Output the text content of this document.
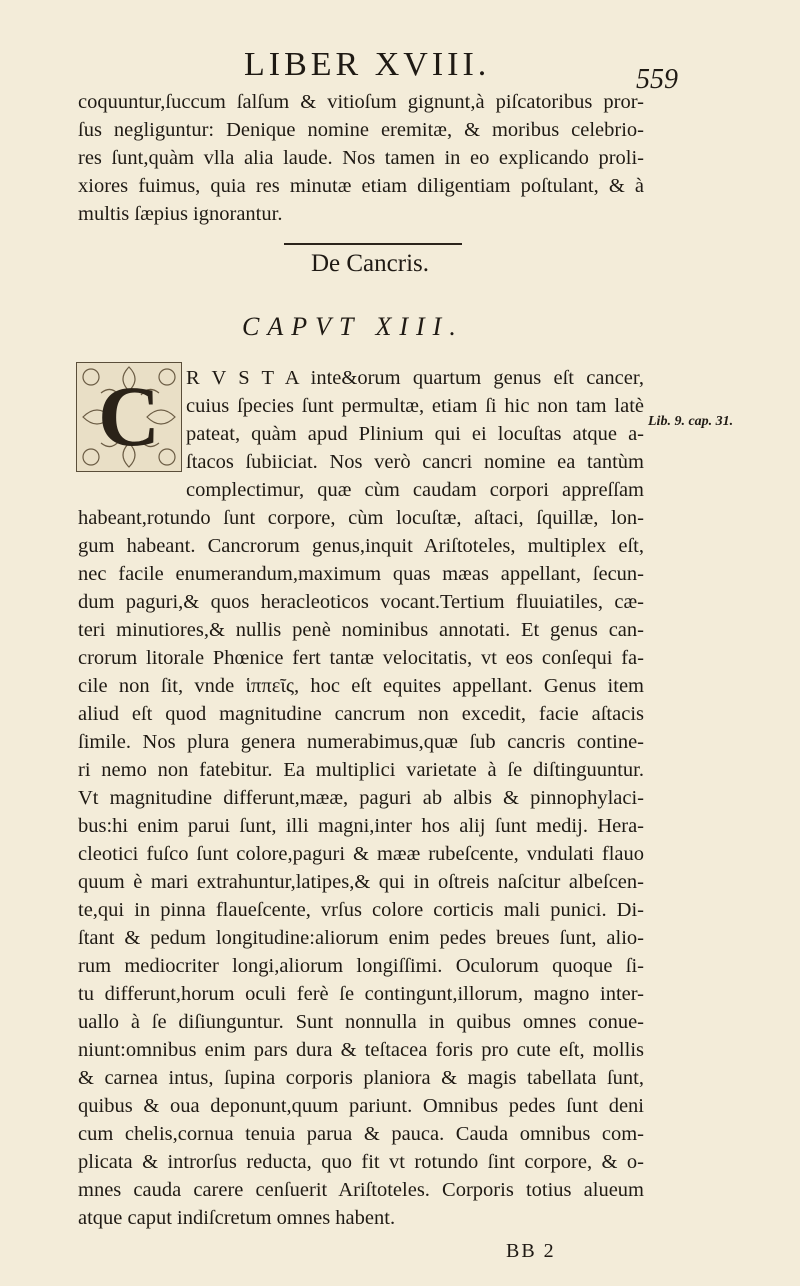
LIBER XVIII.	559
coquuntur,ſuccum ſalſum & vitioſum gignunt,à piſcatoribus pror-
ſus negliguntur: Denique nomine eremitæ, & moribus celebrio-
res ſunt,quàm vlla alia laude. Nos tamen in eo explicando proli-
xiores fuimus, quia res minutæ etiam diligentiam poſtulant, & à
multis ſæpius ignorantur.
De Cancris.
CAPVT XIII.
C	Lib. 9. cap. 31.
R V S T A inte&orum quartum genus eſt cancer,
cuius ſpecies ſunt permultæ, etiam ſi hic non tam latè
pateat, quàm apud Plinium qui ei locuſtas atque a-
ſtacos ſubiiciat. Nos verò cancri nomine ea tantùm
complectimur, quæ cùm caudam corpori appreſſam
habeant,rotundo ſunt corpore, cùm locuſtæ, aſtaci, ſquillæ, lon-
gum habeant. Cancrorum genus,inquit Ariſtoteles, multiplex eſt,
nec facile enumerandum,maximum quas mæas appellant, ſecun-
dum paguri,& quos heracleoticos vocant.Tertium fluuiatiles, cæ-
teri minutiores,& nullis penè nominibus annotati. Et genus can-
crorum litorale Phœnice fert tantæ velocitatis, vt eos conſequi fa-
cile non ſit, vnde ἱππεῖς, hoc eſt equites appellant. Genus item
aliud eſt quod magnitudine cancrum non excedit, facie aſtacis
ſimile. Nos plura genera numerabimus,quæ ſub cancris contine-
ri nemo non fatebitur. Ea multiplici varietate à ſe diſtinguuntur.
Vt magnitudine differunt,mææ, paguri ab albis & pinnophylaci-
bus:hi enim parui ſunt, illi magni,inter hos alij ſunt medij. Hera-
cleotici fuſco ſunt colore,paguri & mææ rubeſcente, vndulati flauo
quum è mari extrahuntur,latipes,& qui in oſtreis naſcitur albeſcen-
te,qui in pinna flaueſcente, vrſus colore corticis mali punici. Di-
ſtant & pedum longitudine:aliorum enim pedes breues ſunt, alio-
rum mediocriter longi,aliorum longiſſimi. Oculorum quoque ſi-
tu differunt,horum oculi ferè ſe contingunt,illorum, magno inter-
uallo à ſe diſiunguntur. Sunt nonnulla in quibus omnes conue-
niunt:omnibus enim pars dura & teſtacea foris pro cute eſt, mollis
& carnea intus, ſupina corporis planiora & magis tabellata ſunt,
quibus & oua deponunt,quum pariunt. Omnibus pedes ſunt deni
cum chelis,cornua tenuia parua & pauca. Cauda omnibus com-
plicata & introrſus reducta, quo fit vt rotundo ſint corpore, & o-
mnes cauda carere cenſuerit Ariſtoteles. Corporis totius alueum
atque caput indiſcretum omnes habent.
BB 2
